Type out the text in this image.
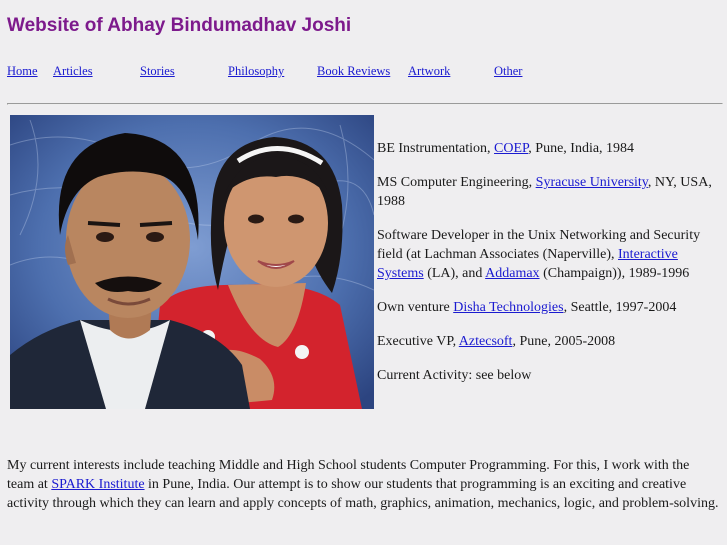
Website of Abhay Bindumadhav Joshi
Home Articles	Stories	Philosophy	Book Reviews Artwork	Other

BE Instrumentation, COEP, Pune, India, 1984

MS Computer Engineering, Syracuse University, NY, USA, 1988

Software Developer in the Unix Networking and Security field (at Lachman Associates (Naperville), Interactive Systems (LA), and Addamax (Champaign)), 1989-1996

Own venture Disha Technologies, Seattle, 1997-2004

Executive VP, Aztecsoft, Pune, 2005-2008

Current Activity: see below

My current interests include teaching Middle and High School students Computer Programming. For this, I work with the team at SPARK Institute in Pune, India. Our attempt is to show our students that programming is an exciting and creative activity through which they can learn and apply concepts of math, graphics, animation, mechanics, logic, and problem-solving.
